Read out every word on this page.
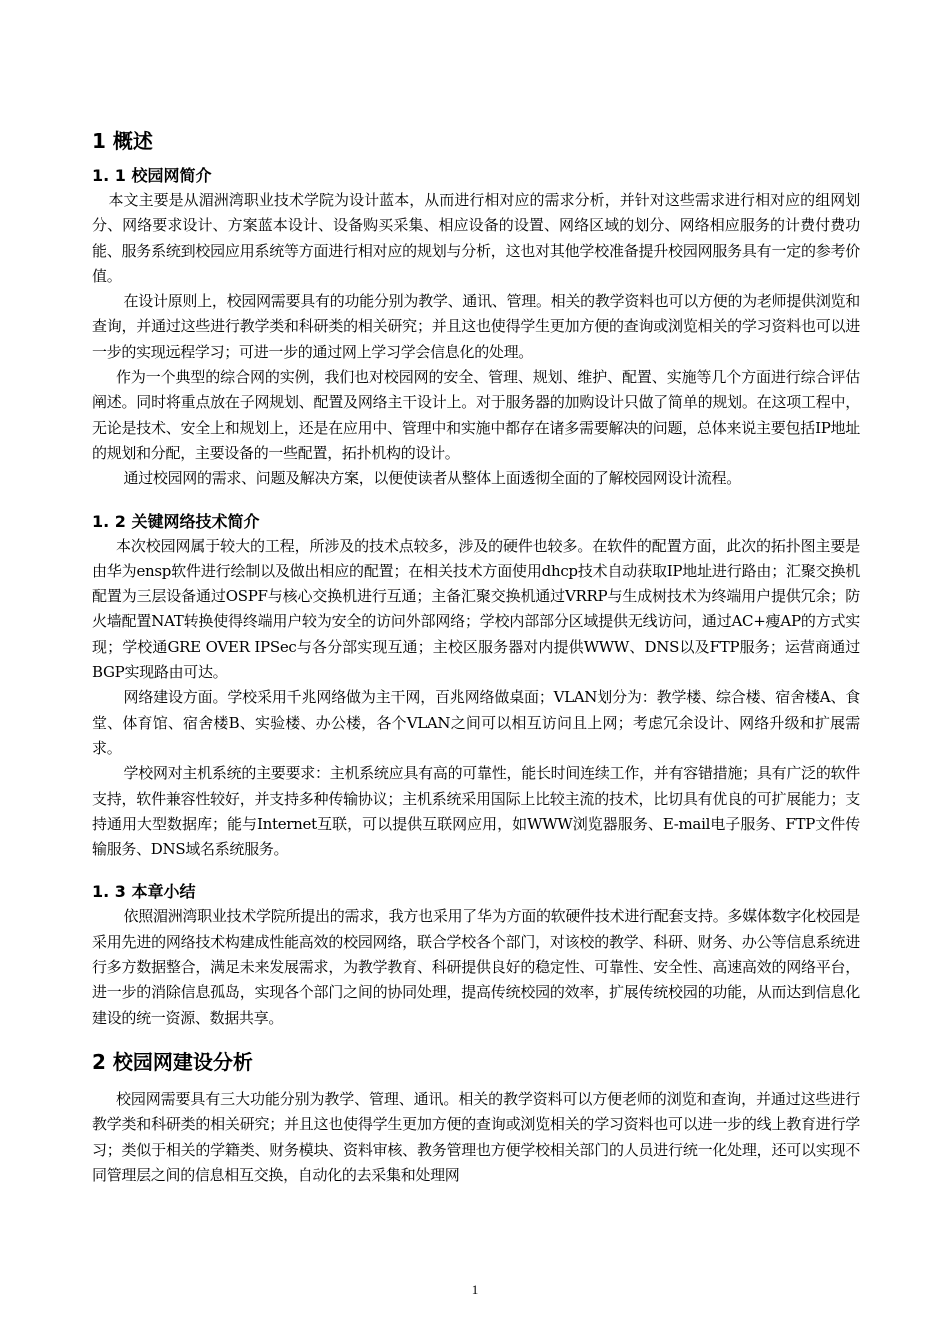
1 概述
1. 1 校园网简介

本文主要是从湄洲湾职业技术学院为设计蓝本，从而进行相对应的需求分析，并针对这些需求进行相对应的组网划分、网络要求设计、方案蓝本设计、设备购买采集、相应设备的设置、网络区域的划分、网络相应服务的计费付费功能、服务系统到校园应用系统等方面进行相对应的规划与分析，这也对其他学校准备提升校园网服务具有一定的参考价值。

在设计原则上，校园网需要具有的功能分别为教学、通讯、管理。相关的教学资料也可以方便的为老师提供浏览和查询，并通过这些进行教学类和科研类的相关研究；并且这也使得学生更加方便的查询或浏览相关的学习资料也可以进一步的实现远程学习；可进一步的通过网上学习学会信息化的处理。

作为一个典型的综合网的实例，我们也对校园网的安全、管理、规划、维护、配置、实施等几个方面进行综合评估阐述。同时将重点放在子网规划、配置及网络主干设计上。对于服务器的加购设计只做了简单的规划。在这项工程中，无论是技术、安全上和规划上，还是在应用中、管理中和实施中都存在诸多需要解决的问题，总体来说主要包括IP地址的规划和分配，主要设备的一些配置，拓扑机构的设计。

通过校园网的需求、问题及解决方案，以便使读者从整体上面透彻全面的了解校园网设计流程。

1. 2 关键网络技术简介

本次校园网属于较大的工程，所涉及的技术点较多，涉及的硬件也较多。在软件的配置方面，此次的拓扑图主要是由华为ensp软件进行绘制以及做出相应的配置；在相关技术方面使用dhcp技术自动获取IP地址进行路由；汇聚交换机配置为三层设备通过OSPF与核心交换机进行互通；主备汇聚交换机通过VRRP与生成树技术为终端用户提供冗余；防火墙配置NAT转换使得终端用户较为安全的访问外部网络；学校内部部分区域提供无线访问，通过AC+瘦AP的方式实现；学校通GRE OVER IPSec与各分部实现互通；主校区服务器对内提供WWW、DNS以及FTP服务；运营商通过BGP实现路由可达。

网络建设方面。学校采用千兆网络做为主干网，百兆网络做桌面；VLAN划分为：教学楼、综合楼、宿舍楼A、食堂、体育馆、宿舍楼B、实验楼、办公楼，各个VLAN之间可以相互访问且上网；考虑冗余设计、网络升级和扩展需求。

学校网对主机系统的主要要求：主机系统应具有高的可靠性，能长时间连续工作，并有容错措施；具有广泛的软件支持，软件兼容性较好，并支持多种传输协议；主机系统采用国际上比较主流的技术，比切具有优良的可扩展能力；支持通用大型数据库；能与Internet互联，可以提供互联网应用，如WWW浏览器服务、E-mail电子服务、FTP文件传输服务、DNS域名系统服务。

1. 3 本章小结

依照湄洲湾职业技术学院所提出的需求，我方也采用了华为方面的软硬件技术进行配套支持。多媒体数字化校园是采用先进的网络技术构建成性能高效的校园网络，联合学校各个部门，对该校的教学、科研、财务、办公等信息系统进行多方数据整合，满足未来发展需求，为教学教育、科研提供良好的稳定性、可靠性、安全性、高速高效的网络平台，进一步的消除信息孤岛，实现各个部门之间的协同处理，提高传统校园的效率，扩展传统校园的功能，从而达到信息化建设的统一资源、数据共享。

2 校园网建设分析

校园网需要具有三大功能分别为教学、管理、通讯。相关的教学资料可以方便老师的浏览和查询，并通过这些进行教学类和科研类的相关研究；并且这也使得学生更加方便的查询或浏览相关的学习资料也可以进一步的线上教育进行学习；类似于相关的学籍类、财务模块、资料审核、教务管理也方便学校相关部门的人员进行统一化处理，还可以实现不同管理层之间的信息相互交换，自动化的去采集和处理网

1
